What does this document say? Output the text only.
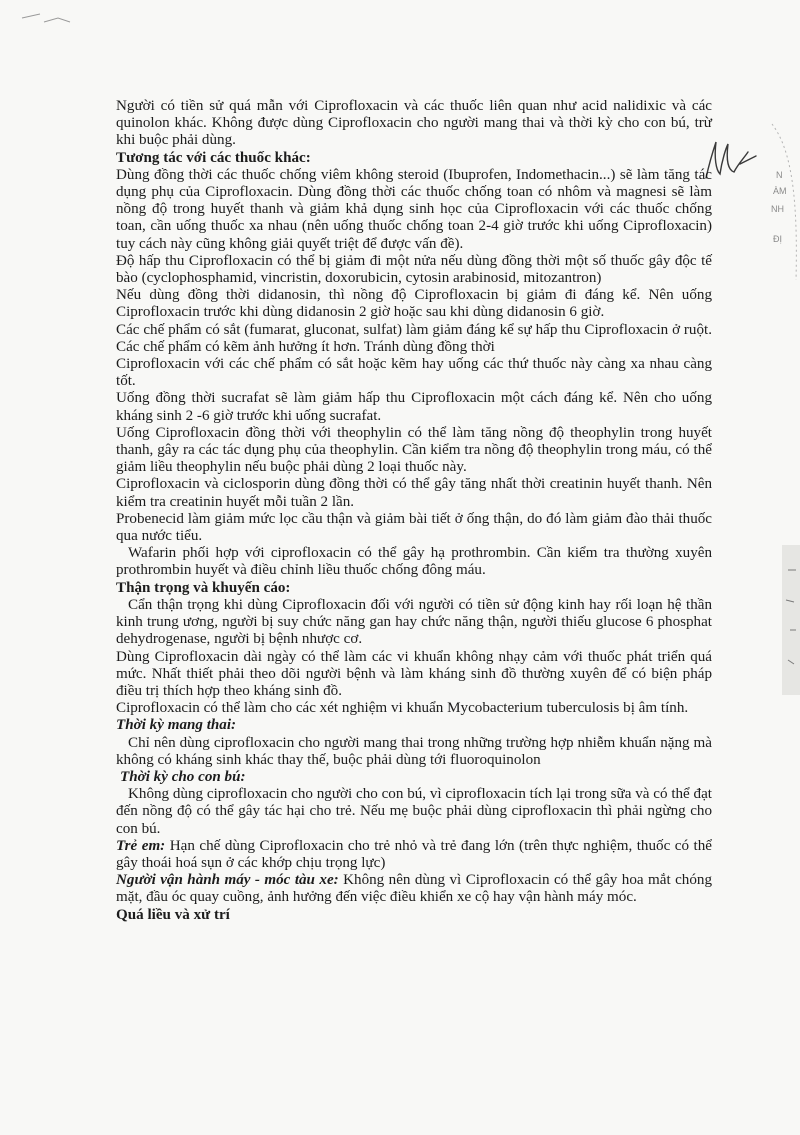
N
ÀM
NH
ĐỊ

Người có tiền sử quá mẫn với Ciprofloxacin và các thuốc liên quan như acid nalidixic và các quinolon khác. Không được dùng Ciprofloxacin cho người mang thai và thời kỳ cho con bú, trừ khi buộc phải dùng.

Tương tác với các thuốc khác:

Dùng đồng thời các thuốc chống viêm không steroid (Ibuprofen, Indomethacin...) sẽ làm tăng tác dụng phụ của Ciprofloxacin. Dùng đồng thời các thuốc chống toan có nhôm và magnesi sẽ làm nồng độ trong huyết thanh và giảm khả dụng sinh học của Ciprofloxacin với các thuốc chống toan, cần uống thuốc xa nhau (nên uống thuốc chống toan 2-4 giờ trước khi uống Ciprofloxacin) tuy cách này cũng không giải quyết triệt để được vấn đề).

Độ hấp thu Ciprofloxacin có thể bị giảm đi một nửa nếu dùng đồng thời một số thuốc gây độc tế bào (cyclophosphamid, vincristin, doxorubicin, cytosin arabinosid, mitozantron)

Nếu dùng đồng thời didanosin, thì nồng độ Ciprofloxacin bị giảm đi đáng kể. Nên uống Ciprofloxacin trước khi dùng didanosin 2 giờ hoặc sau khi dùng didanosin 6 giờ.

Các chế phẩm có sắt (fumarat, gluconat, sulfat) làm giảm đáng kể sự hấp thu Ciprofloxacin ở ruột. Các chế phẩm có kẽm ảnh hưởng ít hơn. Tránh dùng đồng thời

Ciprofloxacin với các chế phẩm có sắt hoặc kẽm hay uống các thứ thuốc này càng xa nhau càng tốt.

Uống đồng thời sucrafat sẽ làm giảm hấp thu Ciprofloxacin một cách đáng kể. Nên cho uống kháng sinh 2 -6 giờ trước khi uống sucrafat.

Uống Ciprofloxacin đồng thời với theophylin có thể làm tăng nồng độ theophylin trong huyết thanh, gây ra các tác dụng phụ của theophylin. Cần kiểm tra nồng độ theophylin trong máu, có thể giảm liều theophylin nếu buộc phải dùng 2 loại thuốc này.

Ciprofloxacin và ciclosporin dùng đồng thời có thể gây tăng nhất thời creatinin huyết thanh. Nên kiểm tra creatinin huyết mỗi tuần 2 lần.

Probenecid làm giảm mức lọc cầu thận và giảm bài tiết ở ống thận, do đó làm giảm đào thải thuốc qua nước tiểu.

Wafarin phối hợp với ciprofloxacin có thể gây hạ prothrombin. Cần kiểm tra thường xuyên prothrombin huyết và điều chỉnh liều thuốc chống đông máu.

Thận trọng và khuyến cáo:

Cẩn thận trọng khi dùng Ciprofloxacin đối với người có tiền sử động kinh hay rối loạn hệ thần kinh trung ương, người bị suy chức năng gan hay chức năng thận, người thiếu glucose 6 phosphat dehydrogenase, người bị bệnh nhược cơ.

Dùng Ciprofloxacin dài ngày có thể làm các vi khuẩn không nhạy cảm với thuốc phát triển quá mức. Nhất thiết phải theo dõi người bệnh và làm kháng sinh đồ thường xuyên để có biện pháp điều trị thích hợp theo kháng sinh đồ.

Ciprofloxacin có thể làm cho các xét nghiệm vi khuẩn Mycobacterium tuberculosis bị âm tính.

Thời kỳ mang thai:

Chỉ nên dùng ciprofloxacin cho người mang thai trong những trường hợp nhiễm khuẩn nặng mà không có kháng sinh khác thay thế, buộc phải dùng tới fluoroquinolon

Thời kỳ cho con bú:

Không dùng ciprofloxacin cho người cho con bú, vì ciprofloxacin tích lại trong sữa và có thể đạt đến nồng độ có thể gây tác hại cho trẻ. Nếu mẹ buộc phải dùng ciprofloxacin thì phải ngừng cho con bú.

Trẻ em: Hạn chế dùng Ciprofloxacin cho trẻ nhỏ và trẻ đang lớn (trên thực nghiệm, thuốc có thể gây thoái hoá sụn ở các khớp chịu trọng lực)

Người vận hành máy - móc tàu xe: Không nên dùng vì Ciprofloxacin có thể gây hoa mắt chóng mặt, đầu óc quay cuồng, ảnh hưởng đến việc điều khiển xe cộ hay vận hành máy móc.

Quá liều và xử trí
